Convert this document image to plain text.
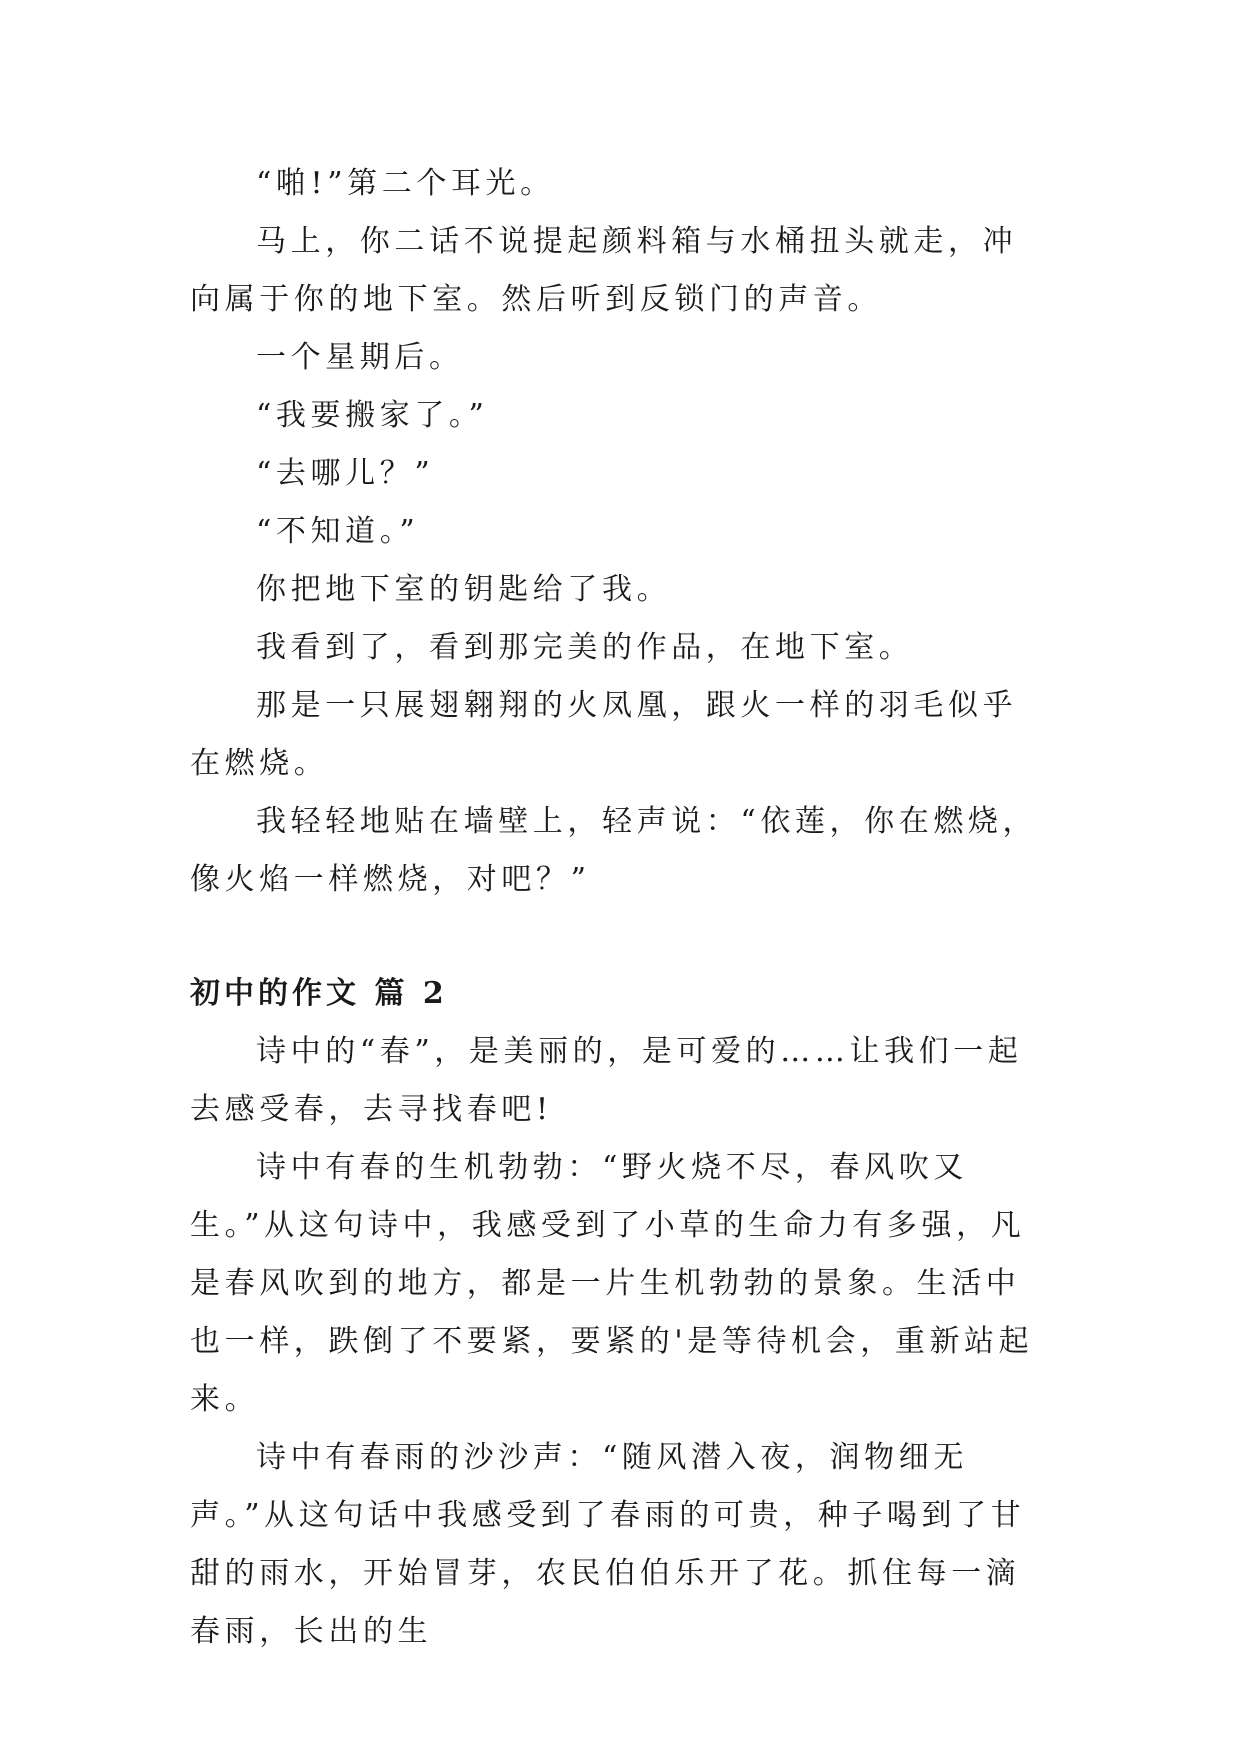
“啪!”第二个耳光。

马上，你二话不说提起颜料箱与水桶扭头就走，冲向属于你的地下室。然后听到反锁门的声音。

一个星期后。

“我要搬家了。”

“去哪儿？”

“不知道。”

你把地下室的钥匙给了我。

我看到了，看到那完美的作品，在地下室。

那是一只展翅翱翔的火凤凰，跟火一样的羽毛似乎在燃烧。

我轻轻地贴在墙壁上，轻声说：“依莲，你在燃烧，像火焰一样燃烧，对吧？”

初中的作文 篇 2

诗中的“春”，是美丽的，是可爱的……让我们一起去感受春，去寻找春吧!

诗中有春的生机勃勃：“野火烧不尽，春风吹又生。”从这句诗中，我感受到了小草的生命力有多强，凡是春风吹到的地方，都是一片生机勃勃的景象。生活中也一样，跌倒了不要紧，要紧的'是等待机会，重新站起来。

诗中有春雨的沙沙声：“随风潜入夜，润物细无声。”从这句话中我感受到了春雨的可贵，种子喝到了甘甜的雨水，开始冒芽，农民伯伯乐开了花。抓住每一滴春雨，长出的生
